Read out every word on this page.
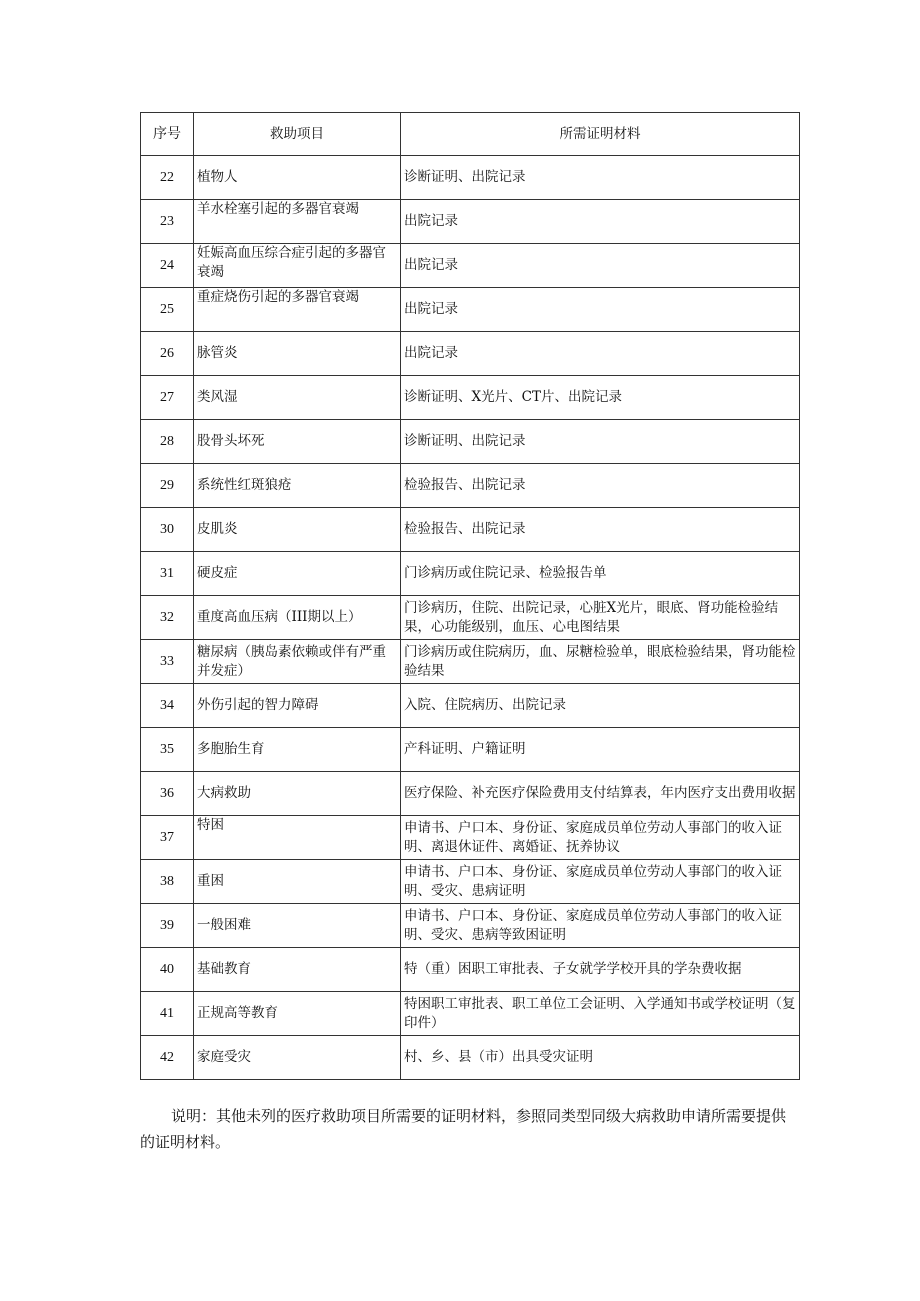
序号	救助项目	所需证明材料
22	植物人	诊断证明、出院记录
23	羊水栓塞引起的多器官衰竭	出院记录
24	妊娠高血压综合症引起的多器官衰竭	出院记录
25	重症烧伤引起的多器官衰竭	出院记录
26	脉管炎	出院记录
27	类风湿	诊断证明、X光片、CT片、出院记录
28	股骨头坏死	诊断证明、出院记录
29	系统性红斑狼疮	检验报告、出院记录
30	皮肌炎	检验报告、出院记录
31	硬皮症	门诊病历或住院记录、检验报告单
32	重度高血压病（III期以上）	门诊病历，住院、出院记录，心脏X光片，眼底、肾功能检验结果，心功能级别，血压、心电图结果
33	糖尿病（胰岛素依赖或伴有严重并发症）	门诊病历或住院病历，血、尿糖检验单，眼底检验结果，肾功能检验结果
34	外伤引起的智力障碍	入院、住院病历、出院记录
35	多胞胎生育	产科证明、户籍证明
36	大病救助	医疗保险、补充医疗保险费用支付结算表，年内医疗支出费用收据
37	特困	申请书、户口本、身份证、家庭成员单位劳动人事部门的收入证明、离退休证件、离婚证、抚养协议
38	重困	申请书、户口本、身份证、家庭成员单位劳动人事部门的收入证明、受灾、患病证明
39	一般困难	申请书、户口本、身份证、家庭成员单位劳动人事部门的收入证明、受灾、患病等致困证明
40	基础教育	特（重）困职工审批表、子女就学学校开具的学杂费收据
41	正规高等教育	特困职工审批表、职工单位工会证明、入学通知书或学校证明（复印件）
42	家庭受灾	村、乡、县（市）出具受灾证明

说明：其他未列的医疗救助项目所需要的证明材料，参照同类型同级大病救助申请所需要提供的证明材料。
